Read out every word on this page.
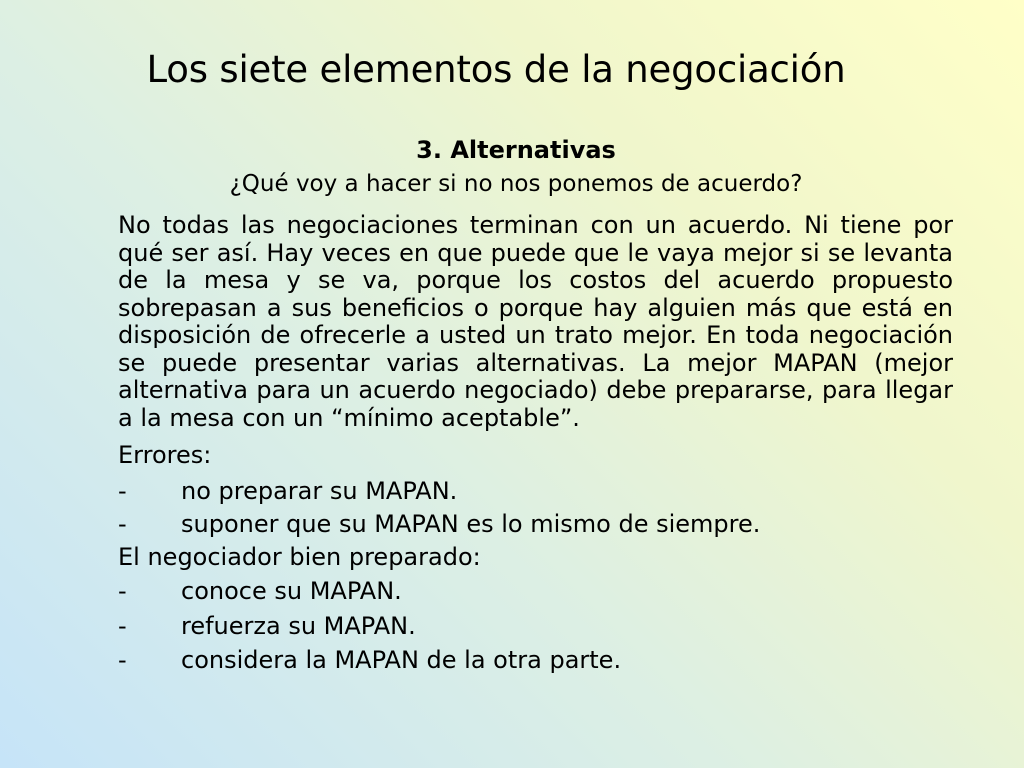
Los siete elementos de la negociación
3. Alternativas

¿Qué voy a hacer si no nos ponemos de acuerdo?

No todas las negociaciones terminan con un acuerdo. Ni tiene por qué ser así. Hay veces en que puede que le vaya mejor si se levanta de la mesa y se va, porque los costos del acuerdo propuesto sobrepasan a sus beneficios o porque hay alguien más que está en disposición de ofrecerle a usted un trato mejor. En toda negociación se puede presentar varias alternativas. La mejor MAPAN (mejor alternativa para un acuerdo negociado) debe prepararse, para llegar a la mesa con un “mínimo aceptable”.

Errores:

- no preparar su MAPAN.
- suponer que su MAPAN es lo mismo de siempre.

El negociador bien preparado:

- conoce su MAPAN.
- refuerza su MAPAN.
- considera la MAPAN de la otra parte.
